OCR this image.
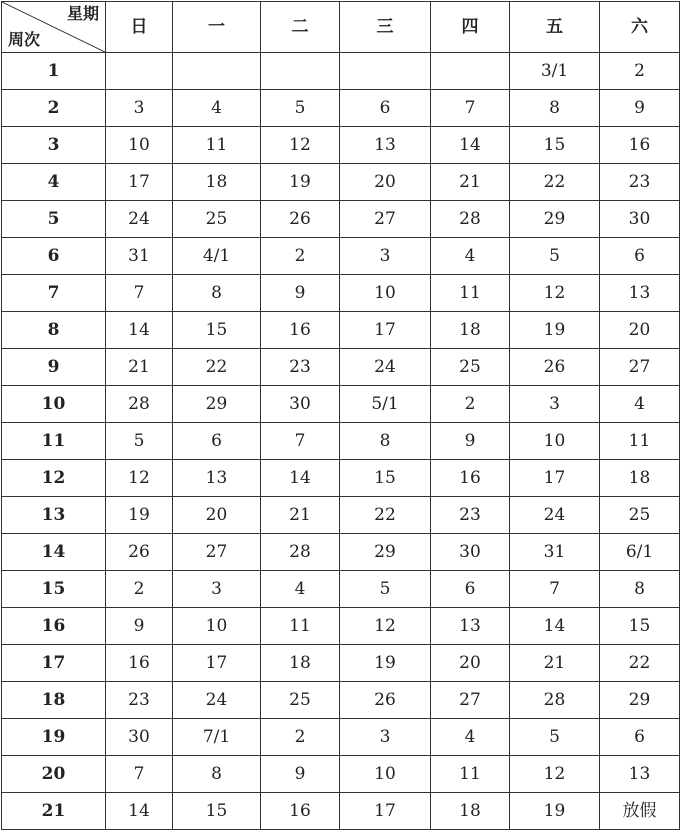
星期
周次	日	一	二	三	四	五	六
1						3/1	2
2	3	4	5	6	7	8	9
3	10	11	12	13	14	15	16
4	17	18	19	20	21	22	23
5	24	25	26	27	28	29	30
6	31	4/1	2	3	4	5	6
7	7	8	9	10	11	12	13
8	14	15	16	17	18	19	20
9	21	22	23	24	25	26	27
10	28	29	30	5/1	2	3	4
11	5	6	7	8	9	10	11
12	12	13	14	15	16	17	18
13	19	20	21	22	23	24	25
14	26	27	28	29	30	31	6/1
15	2	3	4	5	6	7	8
16	9	10	11	12	13	14	15
17	16	17	18	19	20	21	22
18	23	24	25	26	27	28	29
19	30	7/1	2	3	4	5	6
20	7	8	9	10	11	12	13
21	14	15	16	17	18	19	放假
